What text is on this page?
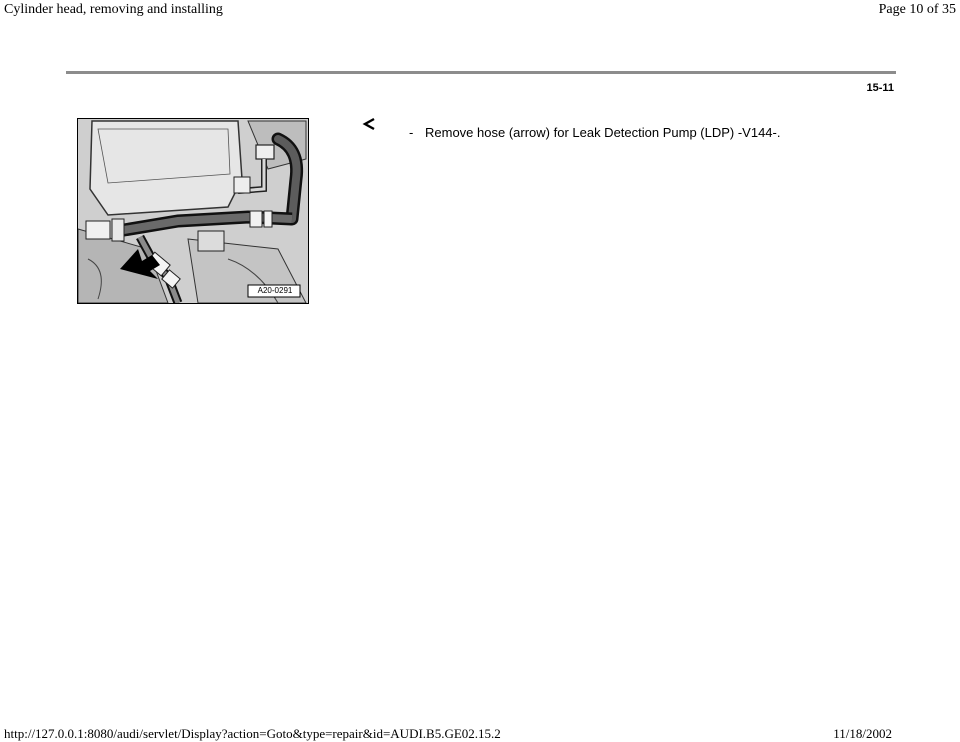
Cylinder head, removing and installing	Page 10 of 35
15-11
A20-0291
- Remove hose (arrow) for Leak Detection Pump (LDP) -V144-.
http://127.0.0.1:8080/audi/servlet/Display?action=Goto&type=repair&id=AUDI.B5.GE02.15.2	11/18/2002
